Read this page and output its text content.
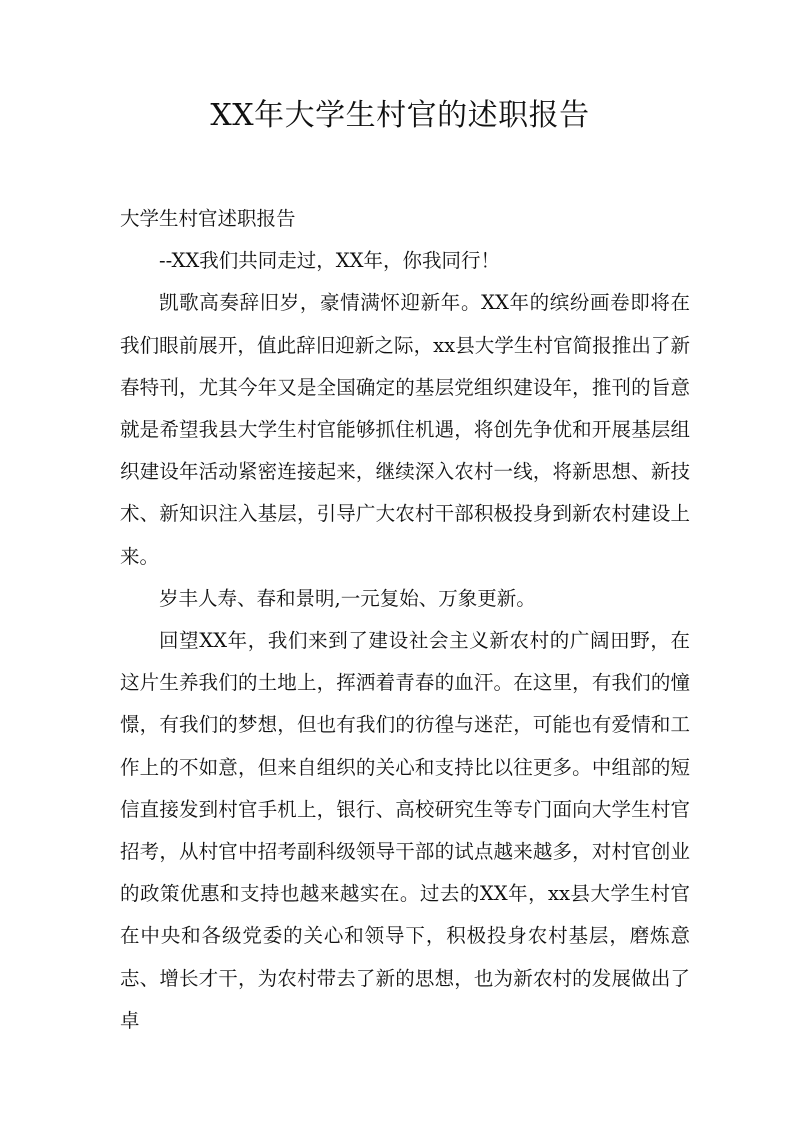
XX年大学生村官的述职报告

大学生村官述职报告

--XX我们共同走过，XX年，你我同行！

凯歌高奏辞旧岁，豪情满怀迎新年。XX年的缤纷画卷即将在我们眼前展开，值此辞旧迎新之际，xx县大学生村官简报推出了新春特刊，尤其今年又是全国确定的基层党组织建设年，推刊的旨意就是希望我县大学生村官能够抓住机遇，将创先争优和开展基层组织建设年活动紧密连接起来，继续深入农村一线，将新思想、新技术、新知识注入基层，引导广大农村干部积极投身到新农村建设上来。

岁丰人寿、春和景明,一元复始、万象更新。

回望XX年，我们来到了建设社会主义新农村的广阔田野，在这片生养我们的土地上，挥洒着青春的血汗。在这里，有我们的憧憬，有我们的梦想，但也有我们的彷徨与迷茫，可能也有爱情和工作上的不如意，但来自组织的关心和支持比以往更多。中组部的短信直接发到村官手机上，银行、高校研究生等专门面向大学生村官招考，从村官中招考副科级领导干部的试点越来越多，对村官创业的政策优惠和支持也越来越实在。过去的XX年，xx县大学生村官在中央和各级党委的关心和领导下，积极投身农村基层，磨炼意志、增长才干，为农村带去了新的思想，也为新农村的发展做出了卓
